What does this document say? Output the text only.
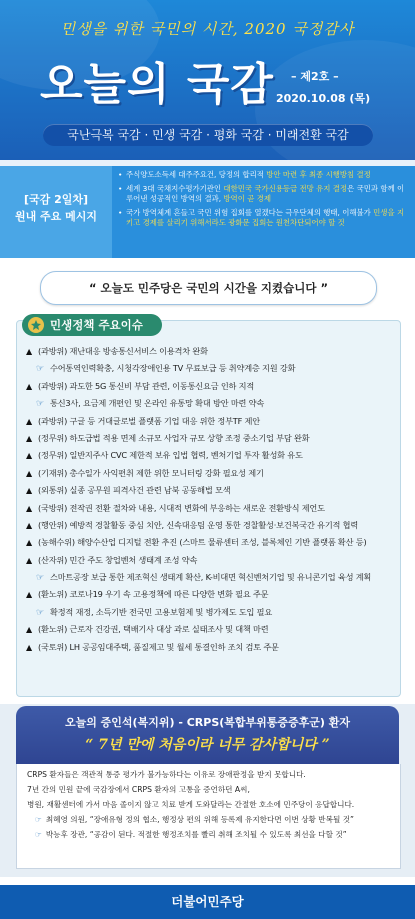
민생을 위한 국민의 시간, 2020 국정감사
오늘의 국감 – 제2호 –
2020.10.08 (목)
국난극복 국감 · 민생 국감 · 평화 국감 · 미래전환 국감
[국감 2일차]
원내 주요 메시지
• 주식양도소득세 대주주요건, 당정의 합리적 방안 마련 후 최종 시행방침 결정
• 세계 3대 국채지수평가기관인 대한민국 국가신용등급 전망 유지 결정은 국민과 함께 이루어낸 성공적인 방역의 결과, 방역이 곧 경제
• 국가 방역체계 흔들고 국민 위험 집회를 열겠다는 극우단체의 행태, 이해불가 민생을 지키고 경제를 살리기 위해서라도 광화문 집회는 원천차단되어야 할 것
“ 오늘도 민주당은 국민의 시간을 지켰습니다 ”
민생정책 주요이슈
▲ (과방위) 재난대응 방송통신서비스 이용격차 완화
☞ 수어통역인력확충, 시청각장애인용 TV 무료보급 등 취약계층 지원 강화
▲ (과방위) 과도한 5G 통신비 부담 관련, 이동통신요금 인하 지적
☞ 통신3사, 요금제 개편인 및 온라인 유통망 확대 방안 마련 약속
▲ (과방위) 구글 등 거대글로벌 플랫폼 기업 대응 위한 정부TF 제안
▲ (정무위) 하도급법 적용 면제 소규모 사업자 규모 상향 조정 중소기업 부담 완화
▲ (정무위) 일반지주사 CVC 제한적 보유 입법 협력, 벤처기업 투자 활성화 유도
▲ (기재위) 총수일가 사익편취 제한 위한 모니터링 강화 필요성 제기
▲ (외통위) 실종 공무원 피격사건 관련 남북 공동해법 모색
▲ (국방위) 전작권 전환 절차와 내용, 시대적 변화에 부응하는 새로운 전환방식 제언도
▲ (행안위) 예방적 경찰활동 중심 치안, 신속대응팀 운영 통한 경찰활성·보건복국간 유기적 협력
▲ (농해수위) 해양수산업 디지털 전환 추진 (스마트 물류센터 조성, 블록체인 기반 플랫폼 확산 등)
▲ (산자위) 민간 주도 창업벤처 생태계 조성 약속
☞ 스마트공장 보급 통한 제조혁신 생태계 확산, K-비대면 혁신벤처기업 및 유니콘기업 육성 계획
▲ (환노위) 코로나19 우기 속 고용정책에 따른 다양한 변화 필요 주문
☞ 확정적 재정, 소득기반 전국민 고용보험제 및 병가제도 도입 필요
▲ (환노위) 근로자 건강권, 택배기사 대상 과로 실태조사 및 대책 마련
▲ (국토위) LH 공공임대주택, 품질제고 및 월세 통결인하 조치 검토 주문
오늘의 증인석(복지위) - CRPS(복합부위통증증후군) 환자
“ 7년 만에 처음이라 너무 감사합니다 ”

CRPS 환자들은 객관적 통증 평가가 불가능하다는 이유로 장애판정을 받지 못합니다.

7년 간의 민원 끝에 국감장에서 CRPS 환자의 고통을 증언하던 A씨,

병원, 재활센터에 가서 마음 졸이지 않고 치료 받게 도와달라는 간절한 호소에 민주당이 응답합니다.

☞ 최혜영 의원, “장애유형 정의 협소, 행정상 편의 위해 등록제 유지한다면 이번 상황 반복될 것”

☞ 박능후 장관, “공감이 된다. 적절한 행정조치를 빨리 취해 조치될 수 있도록 최선을 다할 것”

더불어민주당
